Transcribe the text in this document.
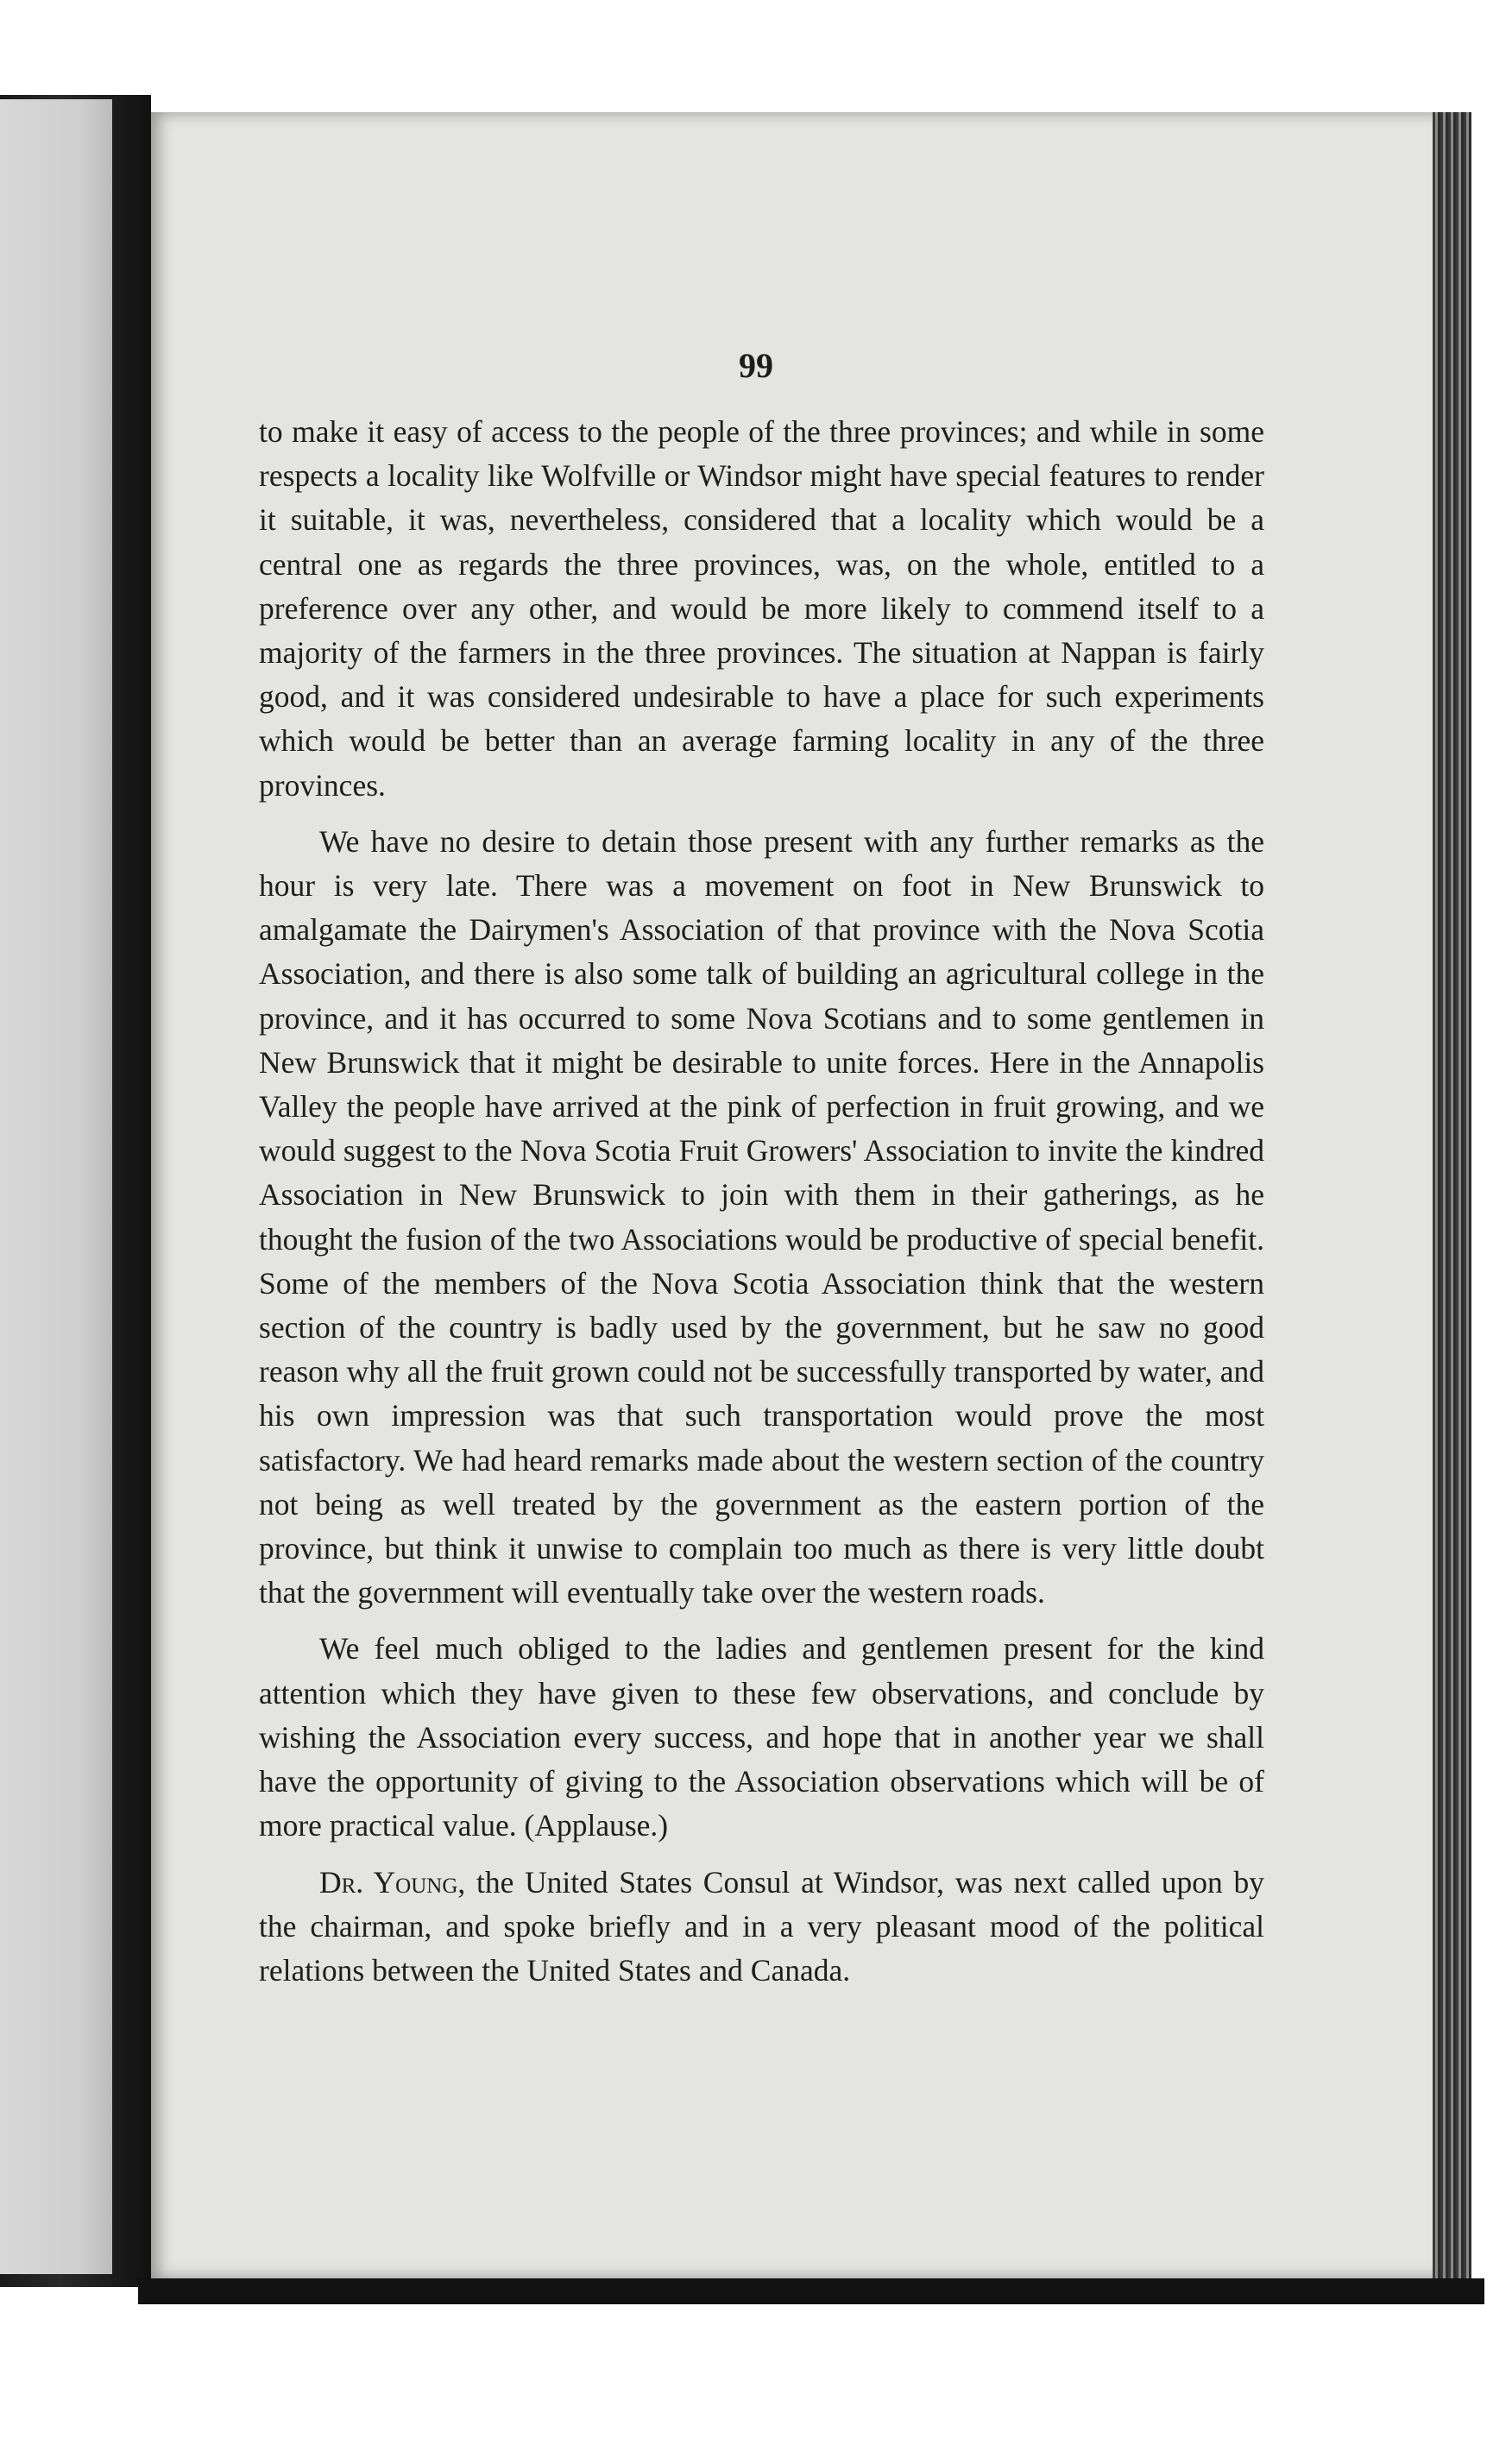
99

to make it easy of access to the people of the three provinces; and while in some respects a locality like Wolfville or Windsor might have special features to render it suitable, it was, nevertheless, considered that a locality which would be a central one as regards the three provinces, was, on the whole, entitled to a preference over any other, and would be more likely to commend itself to a majority of the farmers in the three provinces. The situation at Nappan is fairly good, and it was considered undesirable to have a place for such experiments which would be better than an average farming locality in any of the three provinces.

We have no desire to detain those present with any further remarks as the hour is very late. There was a movement on foot in New Brunswick to amalgamate the Dairymen's Association of that province with the Nova Scotia Association, and there is also some talk of building an agricultural college in the province, and it has occurred to some Nova Scotians and to some gentlemen in New Brunswick that it might be desirable to unite forces. Here in the Annapolis Valley the people have arrived at the pink of perfection in fruit growing, and we would suggest to the Nova Scotia Fruit Growers' Association to invite the kindred Association in New Brunswick to join with them in their gatherings, as he thought the fusion of the two Associations would be productive of special benefit. Some of the members of the Nova Scotia Association think that the western section of the country is badly used by the government, but he saw no good reason why all the fruit grown could not be successfully transported by water, and his own impression was that such transportation would prove the most satisfactory. We had heard remarks made about the western section of the country not being as well treated by the government as the eastern portion of the province, but think it unwise to complain too much as there is very little doubt that the government will eventually take over the western roads.

We feel much obliged to the ladies and gentlemen present for the kind attention which they have given to these few observations, and conclude by wishing the Association every success, and hope that in another year we shall have the opportunity of giving to the Association observations which will be of more practical value. (Applause.)

Dr. Young, the United States Consul at Windsor, was next called upon by the chairman, and spoke briefly and in a very pleasant mood of the political relations between the United States and Canada.
